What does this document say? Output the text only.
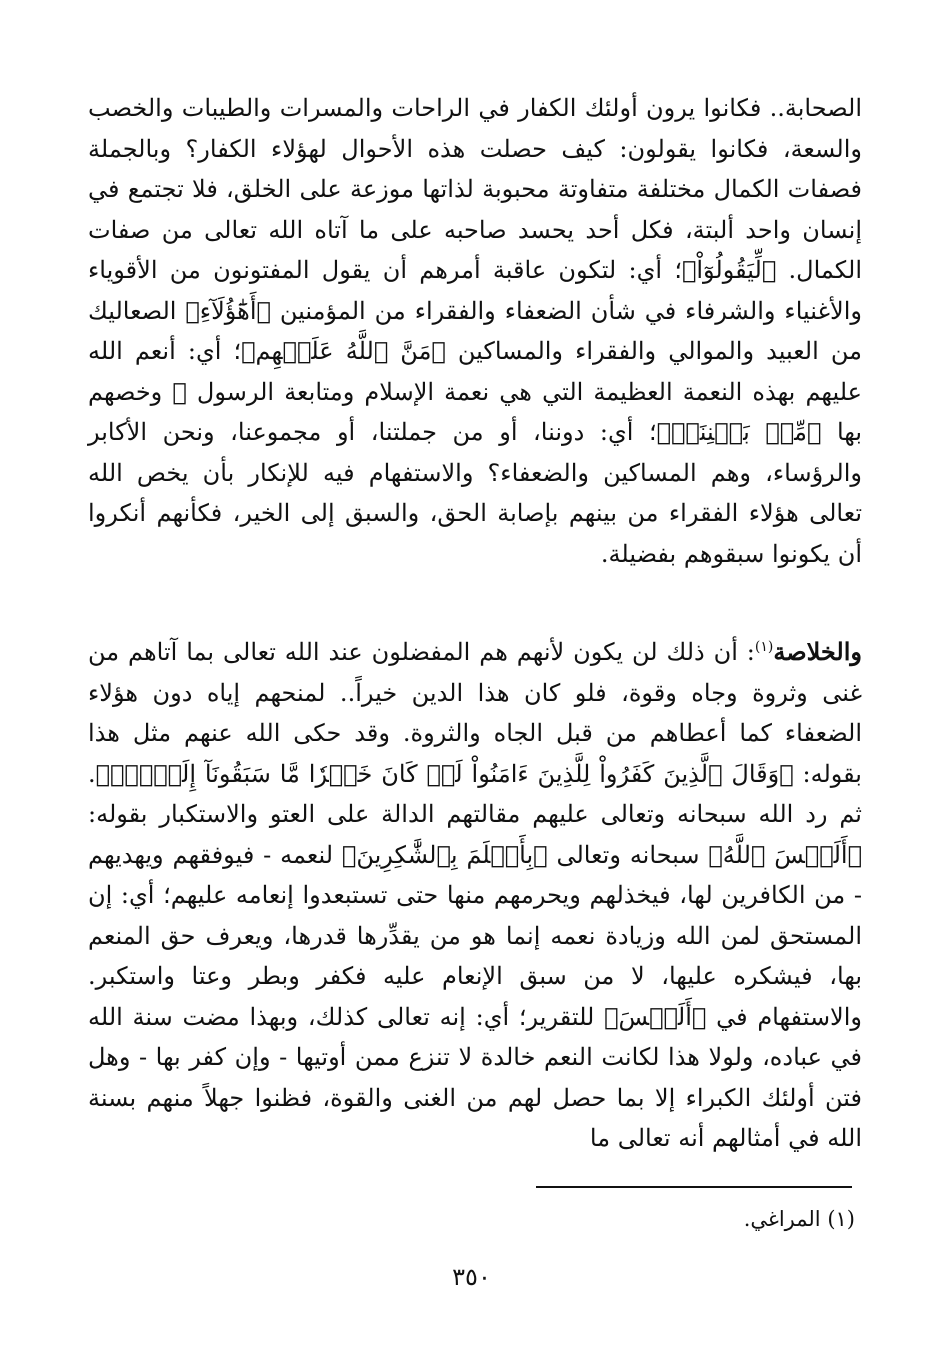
الصحابة.. فكانوا يرون أولئك الكفار في الراحات والمسرات والطيبات والخصب والسعة، فكانوا يقولون: كيف حصلت هذه الأحوال لهؤلاء الكفار؟ وبالجملة فصفات الكمال مختلفة متفاوتة محبوبة لذاتها موزعة على الخلق، فلا تجتمع في إنسان واحد ألبتة، فكل أحد يحسد صاحبه على ما آتاه الله تعالى من صفات الكمال. ﴿لِّيَقُولُوٓاْ﴾؛ أي: لتكون عاقبة أمرهم أن يقول المفتونون من الأقوياء والأغنياء والشرفاء في شأن الضعفاء والفقراء من المؤمنين ﴿أَهَٰٓؤُلَآءِ﴾ الصعاليك من العبيد والموالي والفقراء والمساكين ﴿مَنَّ ٱللَّهُ عَلَيۡهِم﴾؛ أي: أنعم الله عليهم بهذه النعمة العظيمة التي هي نعمة الإسلام ومتابعة الرسول ﷺ وخصهم بها ﴿مِّنۢ بَيۡنِنَآۗ﴾؛ أي: دوننا، أو من جملتنا، أو مجموعنا، ونحن الأكابر والرؤساء، وهم المساكين والضعفاء؟ والاستفهام فيه للإنكار بأن يخص الله تعالى هؤلاء الفقراء من بينهم بإصابة الحق، والسبق إلى الخير، فكأنهم أنكروا أن يكونوا سبقوهم بفضيلة.

والخلاصة$^{(١)}$: أن ذلك لن يكون لأنهم هم المفضلون عند الله تعالى بما آتاهم من غنى وثروة وجاه وقوة، فلو كان هذا الدين خيراً.. لمنحهم إياه دون هؤلاء الضعفاء كما أعطاهم من قبل الجاه والثروة. وقد حكى الله عنهم مثل هذا بقوله: ﴿وَقَالَ ٱلَّذِينَ كَفَرُواْ لِلَّذِينَ ءَامَنُواْ لَوۡ كَانَ خَيۡرٗا مَّا سَبَقُونَآ إِلَيۡهِۚ﴾. ثم رد الله سبحانه وتعالى عليهم مقالتهم الدالة على العتو والاستكبار بقوله: ﴿أَلَيۡسَ ٱللَّهُ﴾ سبحانه وتعالى ﴿بِأَعۡلَمَ بِٱلشَّٰكِرِينَ﴾ لنعمه - فيوفقهم ويهديهم - من الكافرين لها، فيخذلهم ويحرمهم منها حتى تستبعدوا إنعامه عليهم؛ أي: إن المستحق لمن الله وزيادة نعمه إنما هو من يقدِّرها قدرها، ويعرف حق المنعم بها، فيشكره عليها، لا من سبق الإنعام عليه فكفر وبطر وعتا واستكبر. والاستفهام في ﴿أَلَيۡسَ﴾ للتقرير؛ أي: إنه تعالى كذلك، وبهذا مضت سنة الله في عباده، ولولا هذا لكانت النعم خالدة لا تنزع ممن أوتيها - وإن كفر بها - وهل فتن أولئك الكبراء إلا بما حصل لهم من الغنى والقوة، فظنوا جهلاً منهم بسنة الله في أمثالهم أنه تعالى ما

(١) المراغي.
٣٥٠
